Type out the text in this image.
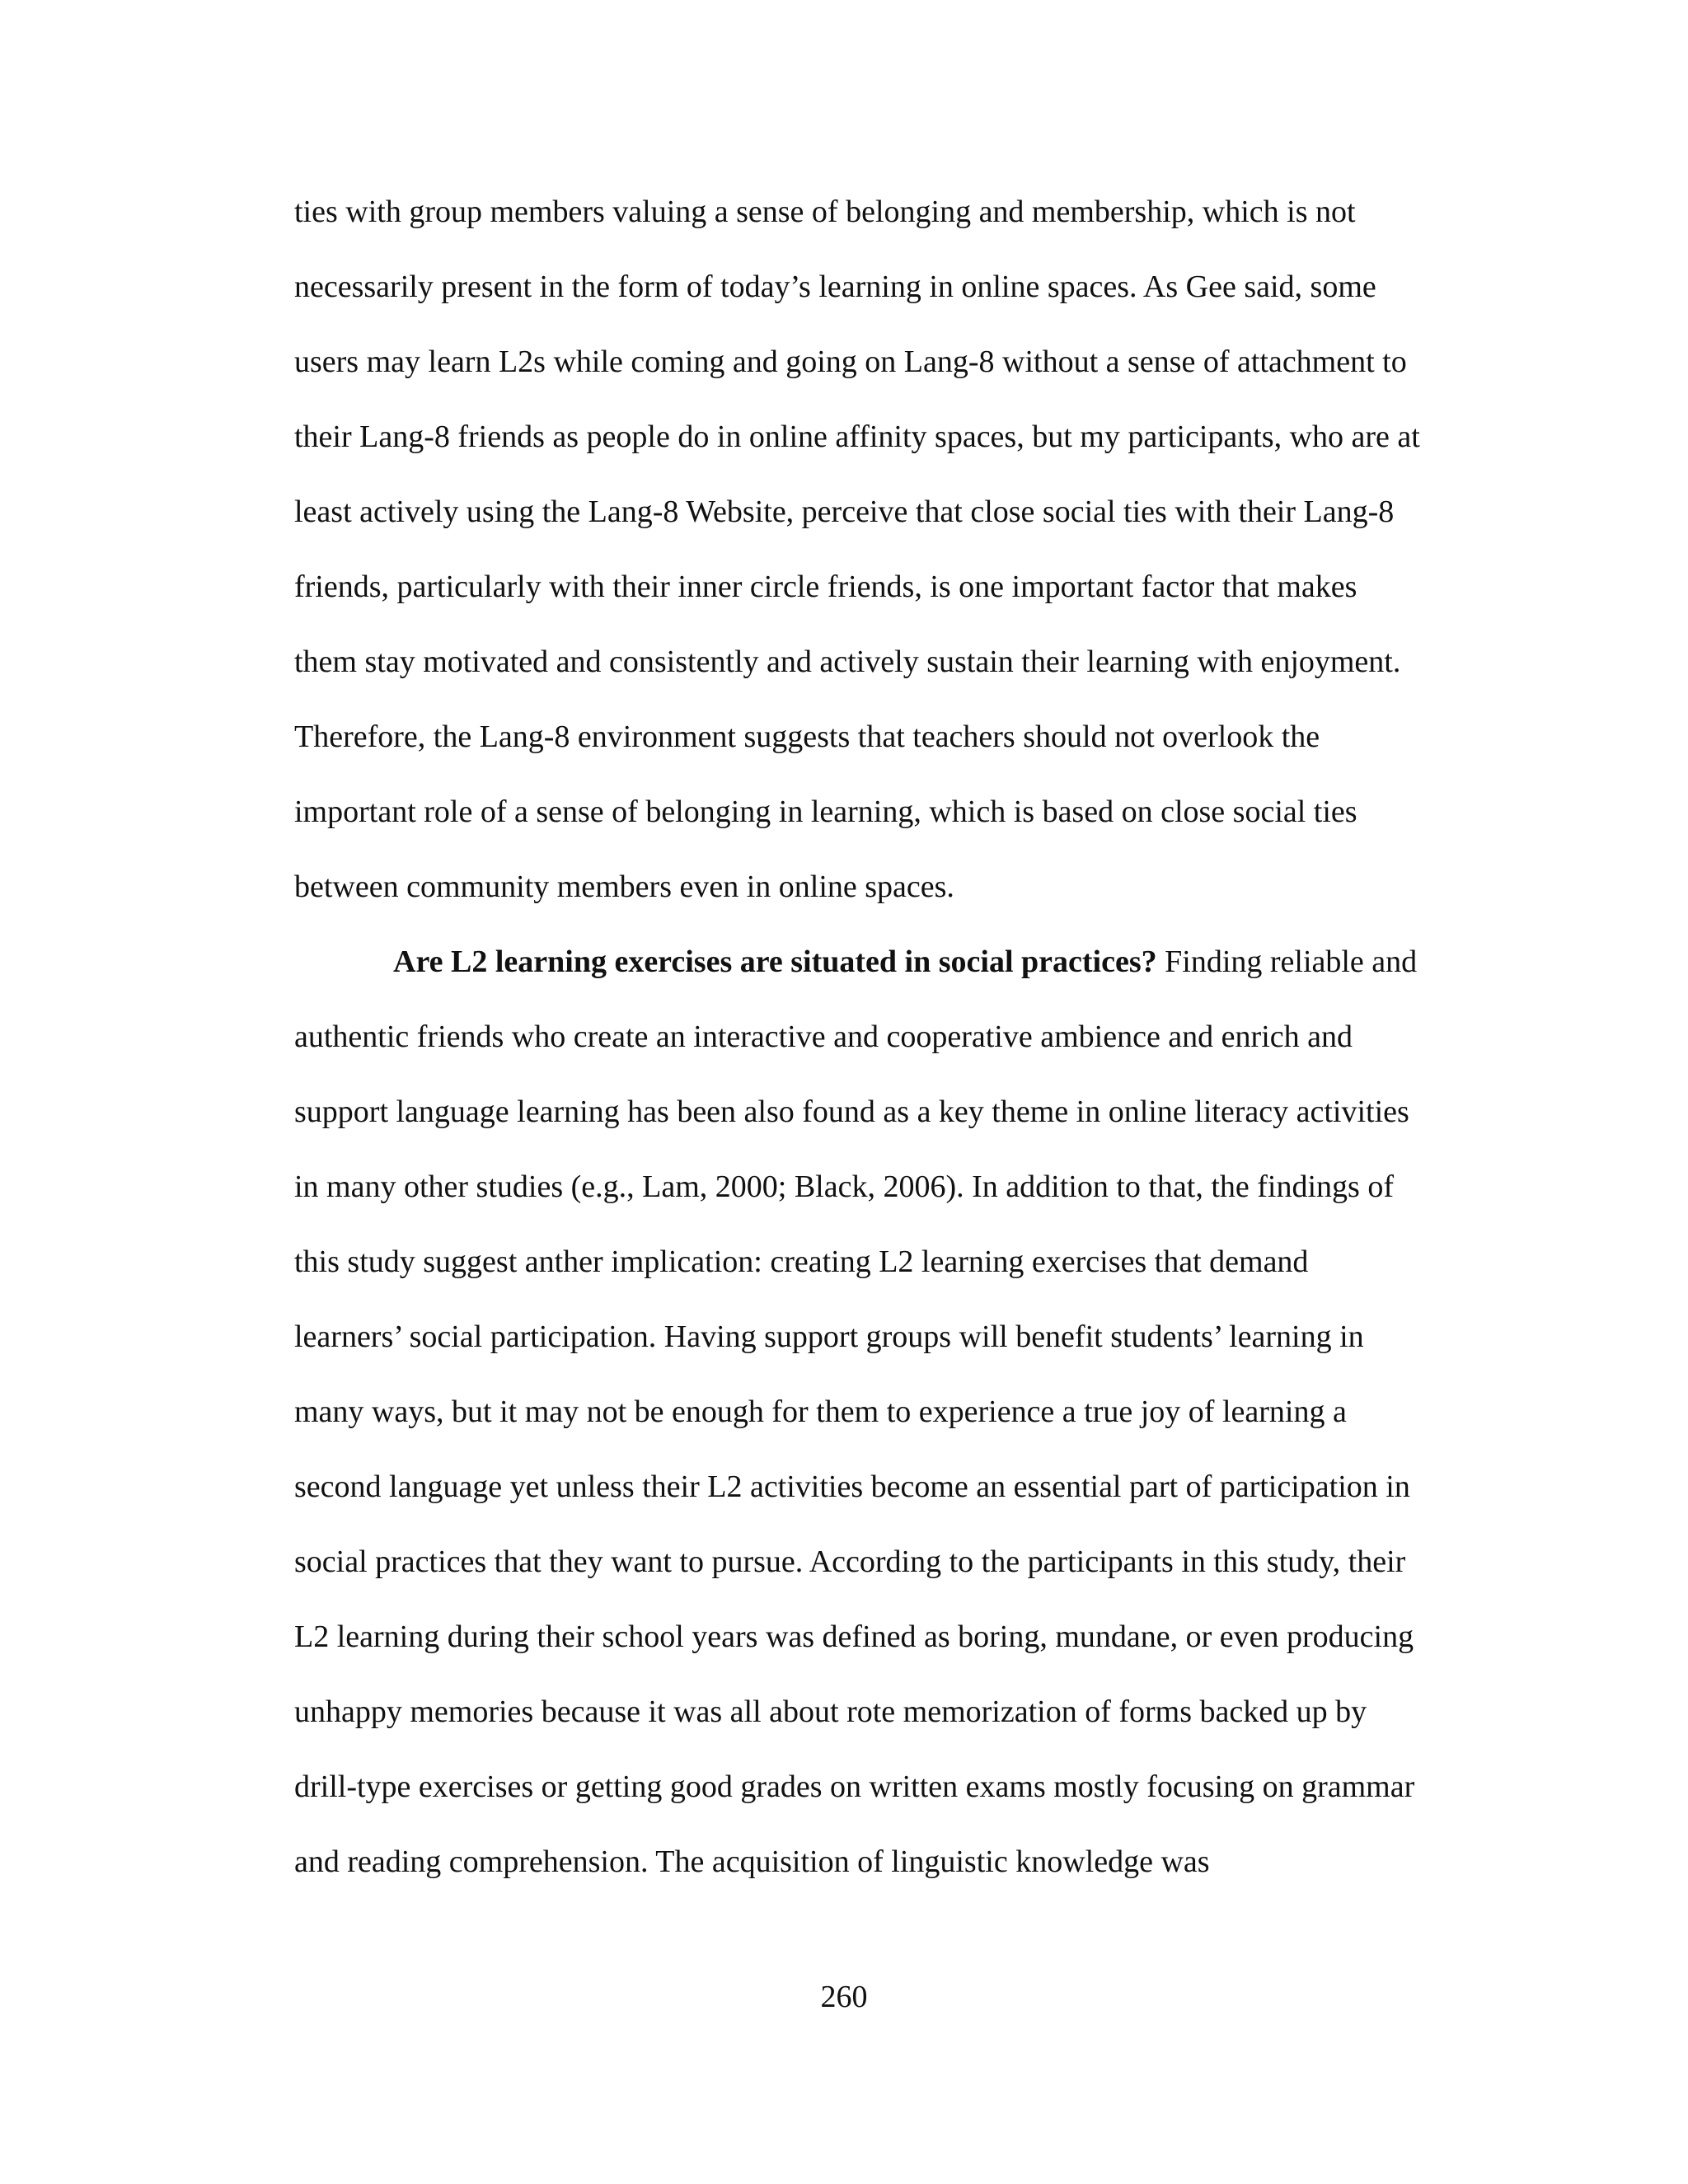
ties with group members valuing a sense of belonging and membership, which is not
necessarily present in the form of today’s learning in online spaces. As Gee said, some
users may learn L2s while coming and going on Lang-8 without a sense of attachment to
their Lang-8 friends as people do in online affinity spaces, but my participants, who are at
least actively using the Lang-8 Website, perceive that close social ties with their Lang-8
friends, particularly with their inner circle friends, is one important factor that makes
them stay motivated and consistently and actively sustain their learning with enjoyment.
Therefore, the Lang-8 environment suggests that teachers should not overlook the
important role of a sense of belonging in learning, which is based on close social ties
between community members even in online spaces.
Are L2 learning exercises are situated in social practices? Finding reliable and
authentic friends who create an interactive and cooperative ambience and enrich and
support language learning has been also found as a key theme in online literacy activities
in many other studies (e.g., Lam, 2000; Black, 2006). In addition to that, the findings of
this study suggest anther implication: creating L2 learning exercises that demand
learners’ social participation. Having support groups will benefit students’ learning in
many ways, but it may not be enough for them to experience a true joy of learning a
second language yet unless their L2 activities become an essential part of participation in
social practices that they want to pursue. According to the participants in this study, their
L2 learning during their school years was defined as boring, mundane, or even producing
unhappy memories because it was all about rote memorization of forms backed up by
drill-type exercises or getting good grades on written exams mostly focusing on grammar
and reading comprehension. The acquisition of linguistic knowledge was
260
